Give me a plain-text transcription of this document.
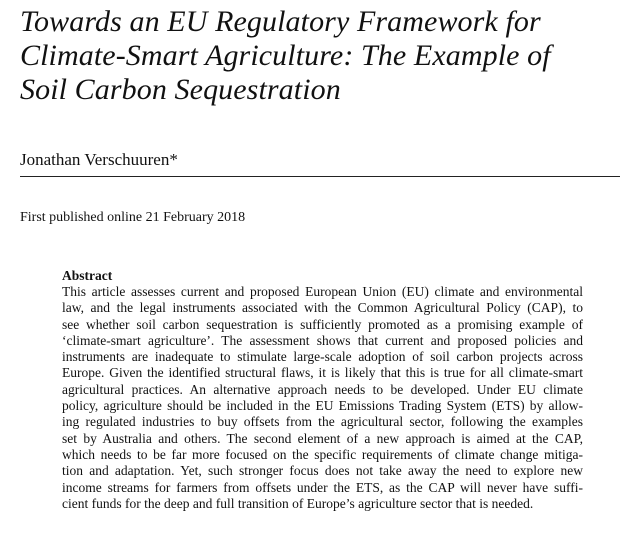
Towards an EU Regulatory Framework for
Climate-Smart Agriculture: The Example of
Soil Carbon Sequestration
Jonathan Verschuuren*
First published online 21 February 2018

Abstract

This article assesses current and proposed European Union (EU) climate and environmental
law, and the legal instruments associated with the Common Agricultural Policy (CAP), to
see whether soil carbon sequestration is sufficiently promoted as a promising example of
‘climate-smart agriculture’. The assessment shows that current and proposed policies and
instruments are inadequate to stimulate large-scale adoption of soil carbon projects across
Europe. Given the identified structural flaws, it is likely that this is true for all climate-smart
agricultural practices. An alternative approach needs to be developed. Under EU climate
policy, agriculture should be included in the EU Emissions Trading System (ETS) by allow-
ing regulated industries to buy offsets from the agricultural sector, following the examples
set by Australia and others. The second element of a new approach is aimed at the CAP,
which needs to be far more focused on the specific requirements of climate change mitiga-
tion and adaptation. Yet, such stronger focus does not take away the need to explore new
income streams for farmers from offsets under the ETS, as the CAP will never have suffi-
cient funds for the deep and full transition of Europe’s agriculture sector that is needed.
